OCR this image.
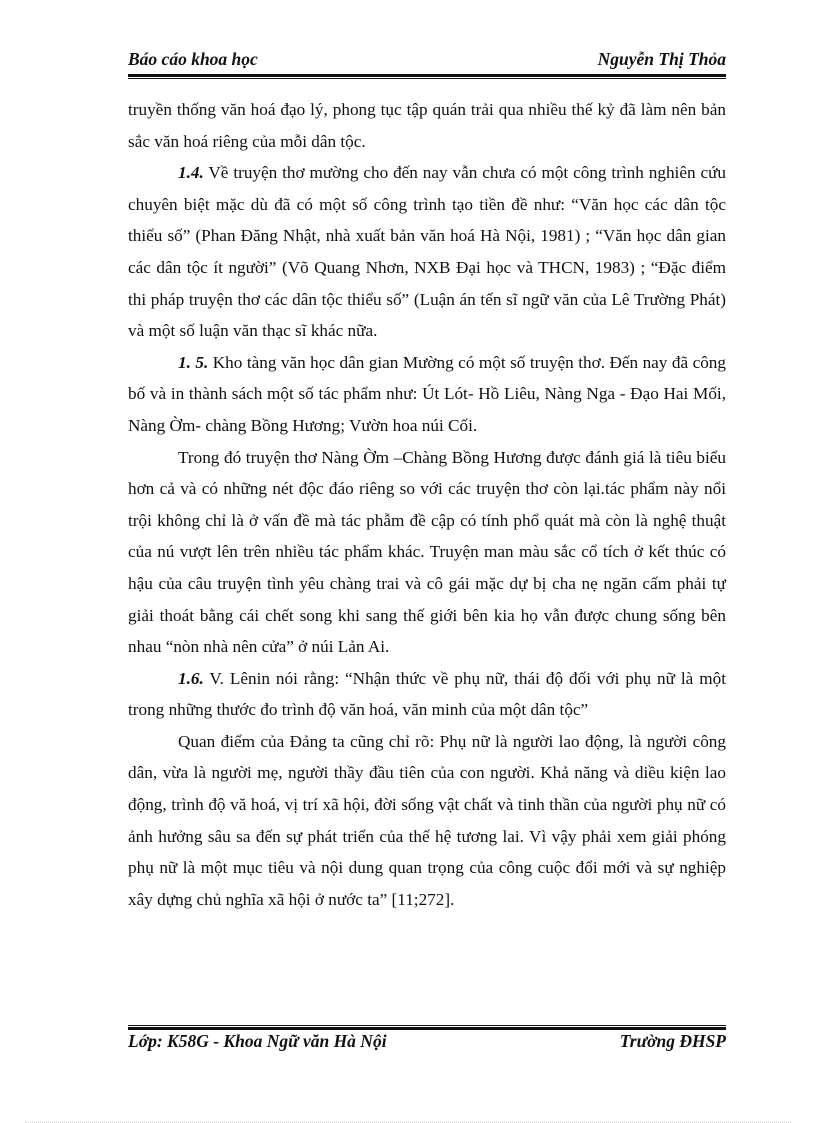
Báo cáo khoa học	Nguyễn Thị Thỏa

truyền thống văn hoá đạo lý, phong tục tập quán trải qua nhiều thế kỷ đã làm nên bản sắc văn hoá riêng của mỗi dân tộc.

1.4. Về truyện thơ mường cho đến nay vẫn chưa có một công trình nghiên cứu chuyên biệt mặc dù đã có một số công trình tạo tiền đề như: “Văn học các dân tộc thiểu số” (Phan Đăng Nhật, nhà xuất bản văn hoá Hà Nội, 1981) ; “Văn học dân gian các dân tộc ít người” (Võ Quang Nhơn, NXB Đại học và THCN, 1983) ; “Đặc điểm thi pháp truyện thơ các dân tộc thiểu số” (Luận án tến sĩ ngữ văn của Lê Trường Phát) và một số luận văn thạc sĩ khác nữa.

1. 5. Kho tàng văn học dân gian Mường có một số truyện thơ. Đến nay đã công bố và in thành sách một số tác phẩm như: Út Lót- Hồ Liêu, Nàng Nga - Đạo Hai Mối, Nàng Ờm- chàng Bồng Hương; Vườn hoa núi Cối.

Trong đó truyện thơ Nàng Ờm –Chàng Bồng Hương được đánh giá là tiêu biểu hơn cả và có những nét độc đáo riêng so với các truyện thơ còn lại.tác phẩm này nổi trội không chỉ là ở vấn đề mà tác phẫm đề cập có tính phổ quát mà còn là nghệ thuật của nú vượt lên trên nhiều tác phẩm khác. Truyện man màu sắc cổ tích ở kết thúc có hậu của câu truyện tình yêu chàng trai và cô gái mặc dự bị cha nẹ ngăn cấm phải tự giải thoát bằng cái chết song khi sang thế giới bên kia họ vẫn được chung sống bên nhau “nòn nhà nên cửa” ở núi Lản Ai.

1.6. V. Lênin nói rằng: “Nhận thức về phụ nữ, thái độ đối với phụ nữ là một trong những thước đo trình độ văn hoá, văn minh của một dân tộc”

Quan điểm của Đảng ta cũng chỉ rõ: Phụ nữ là người lao động, là người công dân, vừa là người mẹ, người thầy đầu tiên của con người. Khả năng và diều kiện lao động, trình độ vă hoá, vị trí xã hội, đời sống vật chất và tinh thần của người phụ nữ có ảnh hưởng sâu sa đến sự phát triển của thế hệ tương lai. Vì vậy phải xem giải phóng phụ nữ là một mục tiêu và nội dung quan trọng của công cuộc đổi mới và sự nghiệp xây dựng chủ nghĩa xã hội ở nước ta” [11;272].

Lớp: K58G - Khoa Ngữ văn Hà Nội	Trường ĐHSP
